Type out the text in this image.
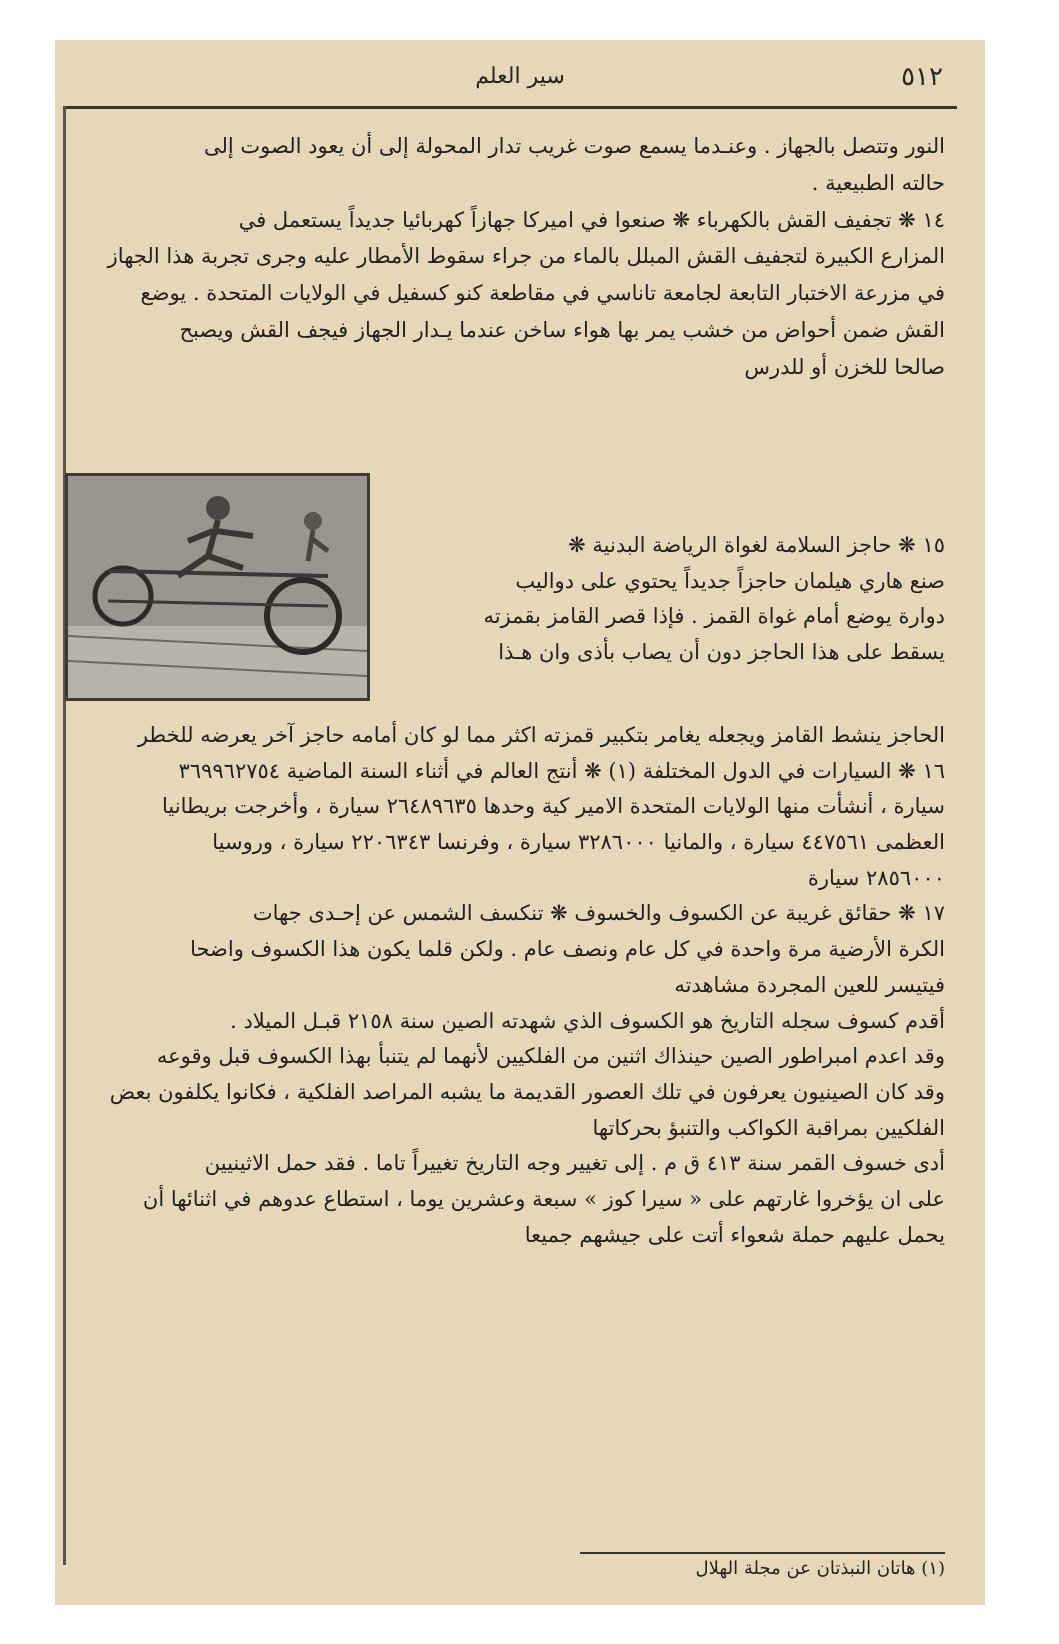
٥١٢
سير العلم

النور وتتصل بالجهاز . وعنـدما يسمع صوت غريب تدار المحولة إلى أن يعود الصوت إلى

حالته الطبيعية .

١٤ ❋ تجفيف القش بالكهرباء ❋ صنعوا في اميركا جهازاً كهربائيا جديداً يستعمل في

المزارع الكبيرة لتجفيف القش المبلل بالماء من جراء سقوط الأمطار عليه وجرى تجربة هذا الجهاز

في مزرعة الاختبار التابعة لجامعة تاناسي في مقاطعة كنو كسفيل في الولايات المتحدة . يوضع

القش ضمن أحواض من خشب يمر بها هواء ساخن عندما يـدار الجهاز فيجف القش ويصبح

صالحا للخزن أو للدرس

١٥ ❋ حاجز السلامة لغواة الرياضة البدنية ❋

صنع هاري هيلمان حاجزاً جديداً يحتوي على دواليب

دوارة يوضع أمام غواة القمز . فإذا قصر القامز بقمزته

يسقط على هذا الحاجز دون أن يصاب بأذى وان هـذا

الحاجز ينشط القامز ويجعله يغامر بتكبير قمزته اكثر مما لو كان أمامه حاجز آخر يعرضه للخطر

١٦ ❋ السيارات في الدول المختلفة (١) ❋ أنتج العالم في أثناء السنة الماضية ٣٦٩٩٦٢٧٥٤

سيارة ، أنشأت منها الولايات المتحدة الامير كية وحدها ٢٦٤٨٩٦٣٥ سيارة ، وأخرجت بريطانيا

العظمى ٤٤٧٥٦١ سيارة ، والمانيا ٣٢٨٦٠٠٠ سيارة ، وفرنسا ٢٢٠٦٣٤٣ سيارة ، وروسيا

٢٨٥٦٠٠٠ سيارة

١٧ ❋ حقائق غريبة عن الكسوف والخسوف ❋ تنكسف الشمس عن إحـدى جهات

الكرة الأرضية مرة واحدة في كل عام ونصف عام . ولكن قلما يكون هذا الكسوف واضحا

فيتيسر للعين المجردة مشاهدته

أقدم كسوف سجله التاريخ هو الكسوف الذي شهدته الصين سنة ٢١٥٨ قبـل الميلاد .

وقد اعدم امبراطور الصين حينذاك اثنين من الفلكيين لأنهما لم يتنبأ بهذا الكسوف قبل وقوعه

وقد كان الصينيون يعرفون في تلك العصور القديمة ما يشبه المراصد الفلكية ، فكانوا يكلفون بعض

الفلكيين بمراقبة الكواكب والتنبؤ بحركاتها

أدى خسوف القمر سنة ٤١٣ ق م . إلى تغيير وجه التاريخ تغييراً تاما . فقد حمل الاثينيين

على ان يؤخروا غارتهم على « سيرا كوز » سبعة وعشرين يوما ، استطاع عدوهم في اثنائها أن

يحمل عليهم حملة شعواء أتت على جيشهم جميعا

(١) هاتان النبذتان عن مجلة الهلال
